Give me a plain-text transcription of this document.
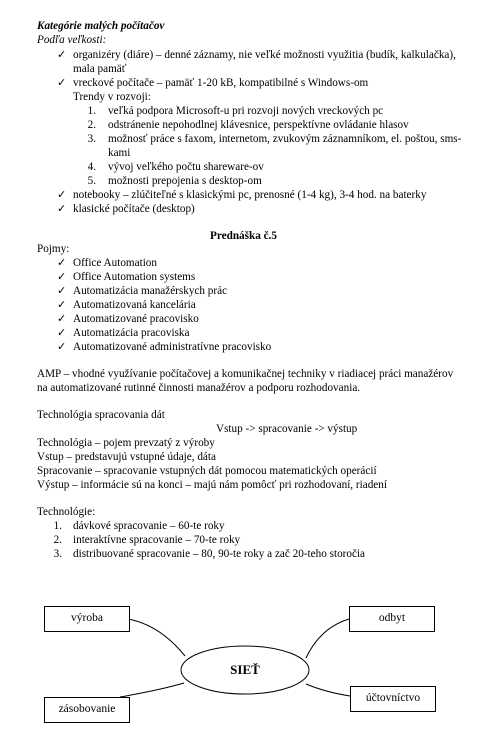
Kategórie malých počítačov
Podľa veľkosti:
✓ organizéry (diáre) – denné záznamy, nie veľké možnosti využitia (budík, kalkulačka),
mala pamäť
✓ vreckové počítače – pamäť 1-20 kB, kompatibilné s Windows-om
Trendy v rozvoji:
1. veľká podpora Microsoft-u pri rozvoji nových vreckových pc
2. odstránenie nepohodlnej klávesnice, perspektívne ovládanie hlasov
3. možnosť práce s faxom, internetom, zvukovým záznamníkom, el. poštou, sms-
kami
4. vývoj veľkého počtu shareware-ov
5. možnosti prepojenia s desktop-om
✓ notebooky – zlúčiteľné s klasickými pc, prenosné (1-4 kg), 3-4 hod. na baterky
✓ klasické počítače (desktop)
Prednáška č.5
Pojmy:
✓ Office Automation
✓ Office Automation systems
✓ Automatizácia manažérskych prác
✓ Automatizovaná kancelária
✓ Automatizované pracovisko
✓ Automatizácia pracoviska
✓ Automatizované administratívne pracovisko
AMP – vhodné využívanie počítačovej a komunikačnej techniky v riadiacej práci manažérov
na automatizované rutinné činnosti manažérov a podporu rozhodovania.
Technológia spracovania dát
Vstup -> spracovanie -> výstup
Technológia – pojem prevzatý z výroby
Vstup – predstavujú vstupné údaje, dáta
Spracovanie – spracovanie vstupných dát pomocou matematických operácií
Výstup – informácie sú na konci – majú nám pomôcť pri rozhodovaní, riadení
Technológie:
1. dávkové spracovanie – 60-te roky
2. interaktívne spracovanie – 70-te roky
3. distribuované spracovanie – 80, 90-te roky a zač 20-teho storočia
SIEŤ
výroba	odbyt
zásobovanie
účtovníctvo
